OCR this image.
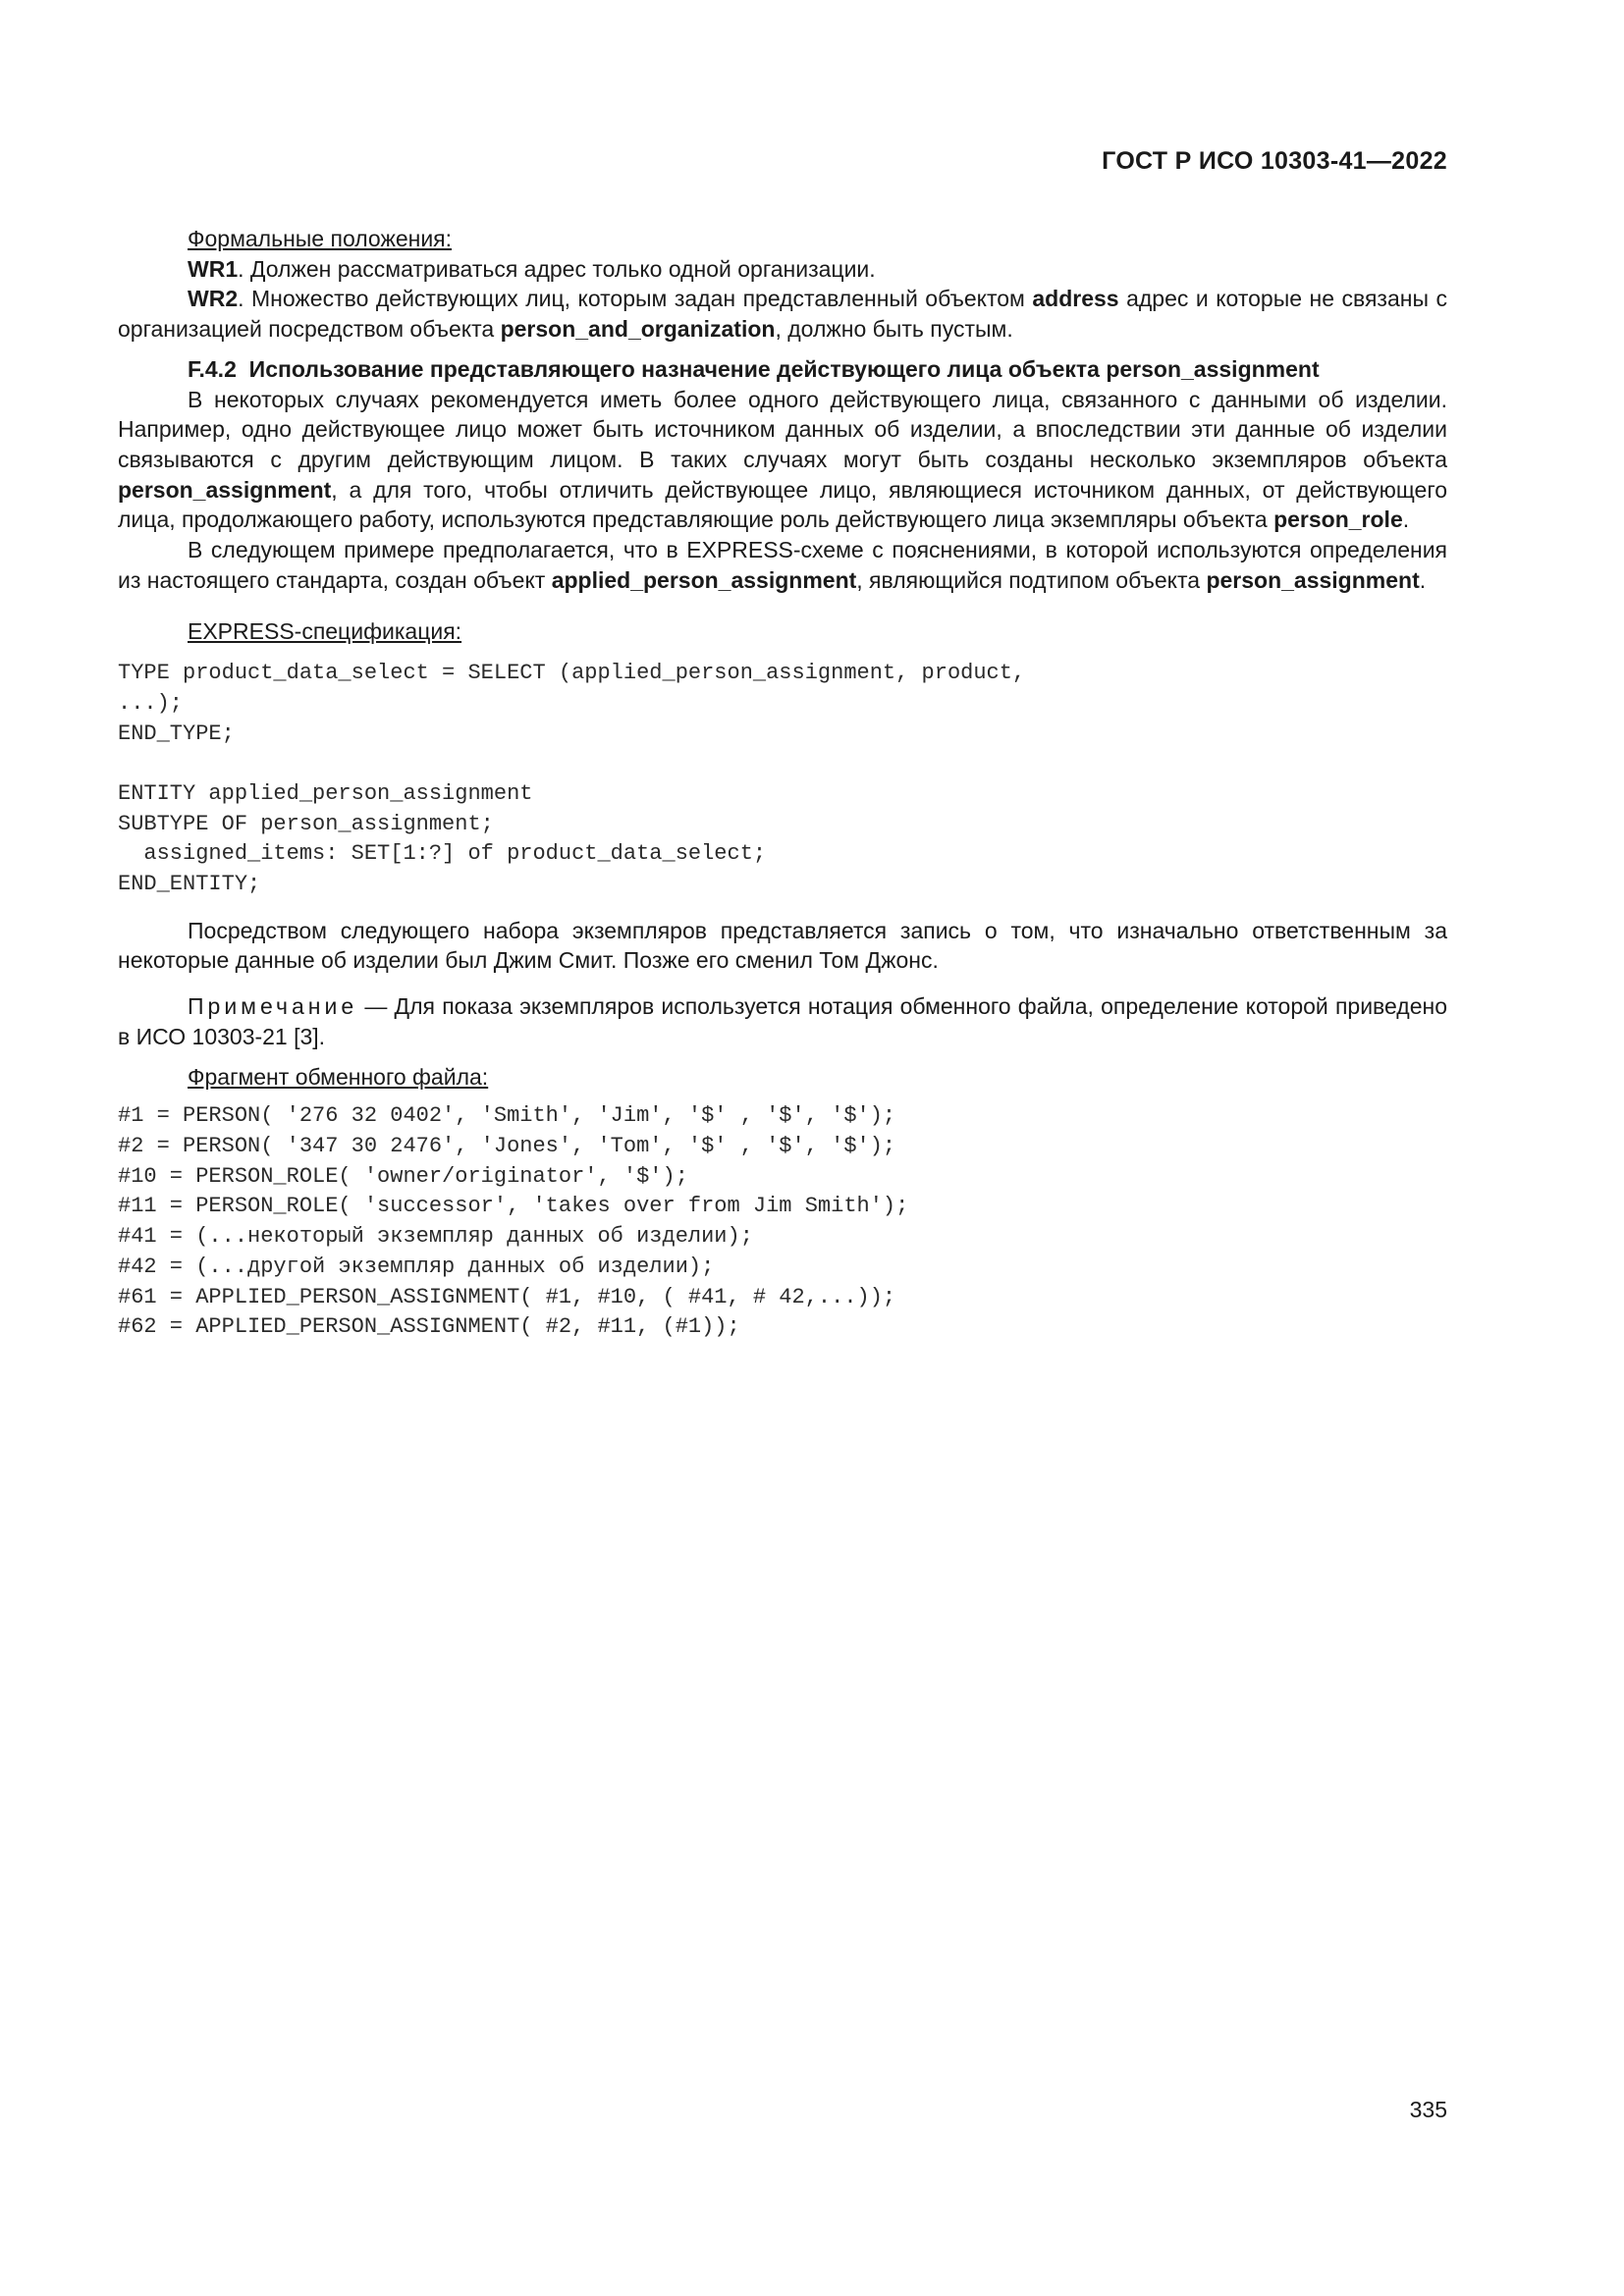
ГОСТ Р ИСО 10303-41—2022

Формальные положения:

WR1. Должен рассматриваться адрес только одной организации.

WR2. Множество действующих лиц, которым задан представленный объектом address адрес и которые не связаны с организацией посредством объекта person_and_organization, должно быть пустым.

F.4.2 Использование представляющего назначение действующего лица объекта person_assignment

В некоторых случаях рекомендуется иметь более одного действующего лица, связанного с данными об изделии. Например, одно действующее лицо может быть источником данных об изделии, а впоследствии эти данные об изделии связываются с другим действующим лицом. В таких случаях могут быть созданы несколько экземпляров объекта person_assignment, а для того, чтобы отличить действующее лицо, являющиеся источником данных, от действующего лица, продолжающего работу, используются представляющие роль действующего лица экземпляры объекта person_role.

В следующем примере предполагается, что в EXPRESS-схеме с пояснениями, в которой используются определения из настоящего стандарта, создан объект applied_person_assignment, являющийся подтипом объекта person_assignment.

EXPRESS-спецификация:

TYPE product_data_select = SELECT (applied_person_assignment, product,
...);
END_TYPE;

ENTITY applied_person_assignment
SUBTYPE OF person_assignment;
assigned_items: SET[1:?] of product_data_select;
END_ENTITY;

Посредством следующего набора экземпляров представляется запись о том, что изначально ответственным за некоторые данные об изделии был Джим Смит. Позже его сменил Том Джонс.

Примечание — Для показа экземпляров используется нотация обменного файла, определение которой приведено в ИСО 10303-21 [3].

Фрагмент обменного файла:

#1 = PERSON( '276 32 0402', 'Smith', 'Jim', '$' , '$', '$');
#2 = PERSON( '347 30 2476', 'Jones', 'Tom', '$' , '$', '$');
#10 = PERSON_ROLE( 'owner/originator', '$');
#11 = PERSON_ROLE( 'successor', 'takes over from Jim Smith');
#41 = (...некоторый экземпляр данных об изделии);
#42 = (...другой экземпляр данных об изделии);
#61 = APPLIED_PERSON_ASSIGNMENT( #1, #10, ( #41, # 42,...));
#62 = APPLIED_PERSON_ASSIGNMENT( #2, #11, (#1));
335
